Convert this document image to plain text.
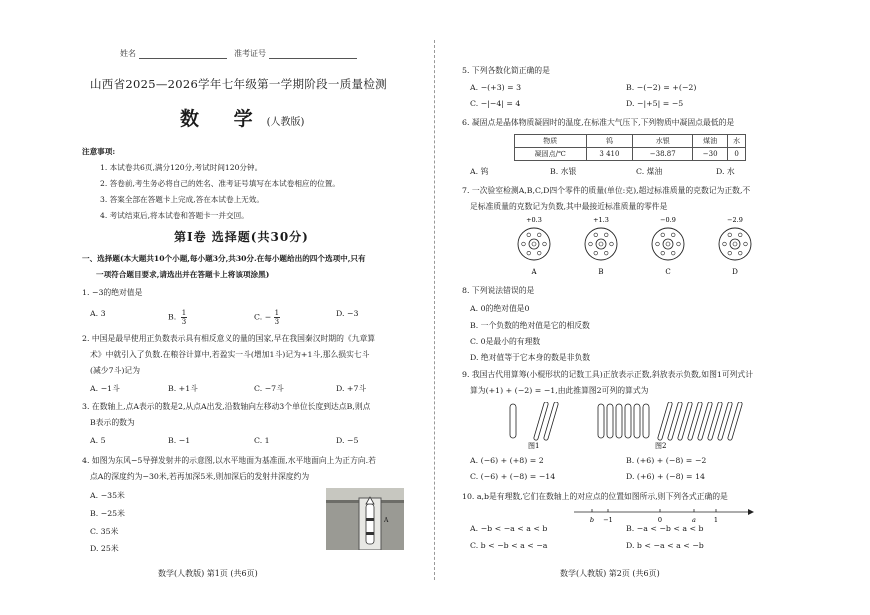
姓名	准考证号
山西省2025—2026学年七年级第一学期阶段一质量检测
数 学(人教版)
注意事项:
1. 本试卷共6页,满分120分,考试时间120分钟。
2. 答卷前,考生务必将自己的姓名、准考证号填写在本试卷相应的位置。
3. 答案全部在答题卡上完成,答在本试卷上无效。
4. 考试结束后,将本试卷和答题卡一并交回。
第Ⅰ卷 选择题(共30分)
一、选择题(本大题共10个小题,每小题3分,共30分.在每小题给出的四个选项中,只有
一项符合题目要求,请选出并在答题卡上将该项涂黑)
1. −3的绝对值是
A. 3	B. $\frac{1}{3}$	C. − $\frac{1}{3}$	D. −3
2. 中国是最早使用正负数表示具有相反意义的量的国家,早在我国秦汉时期的《九章算
术》中就引入了负数.在粮谷计算中,若盈实一斗(增加1斗)记为+1斗,那么损实七斗
(减少7斗)记为
A. −1斗	B. +1斗	C. −7斗	D. +7斗
3. 在数轴上,点A表示的数是2,从点A出发,沿数轴向左移动3个单位长度到达点B,则点
B表示的数为
A. 5	B. −1	C. 1	D. −5
4. 如图为东风−5导弹发射井的示意图,以水平地面为基准面,水平地面向上为正方向.若
点A的深度约为−30米,若再加深5米,则加深后的发射井深度约为
A. −35米
B. −25米
C. 35米
D. 25米
A
数学(人教版) 第1页 (共6页)
5. 下列各数化简正确的是
A. −(+3) = 3	B. −(−2) = +(−2)
C. −|−4| = 4	D. −|+5| = −5
6. 凝固点是晶体物质凝固时的温度,在标准大气压下,下列物质中凝固点最低的是
物质	钨	水银	煤油	水
凝固点/℃	3 410	−38.87	−30	0
A. 钨	B. 水银	C. 煤油	D. 水
7. 一次验室检测A,B,C,D四个零件的质量(单位:克),超过标准质量的克数记为正数,不
足标准质量的克数记为负数,其中最接近标准质量的零件是
+0.3
A
+1.3
B
−0.9
C
−2.9
D
8. 下列说法错误的是
A. 0的绝对值是0
B. 一个负数的绝对值是它的相反数
C. 0是最小的有理数
D. 绝对值等于它本身的数是非负数
9. 我国古代用算筹(小棍形状的记数工具)正放表示正数,斜放表示负数,如图1可列式计
算为(+1) + (−2) = −1,由此推算图2可列的算式为
图1	图2
A. (−6) + (+8) = 2	B. (+6) + (−8) = −2
C. (−6) + (−8) = −14	D. (+6) + (−8) = 14
10. a,b是有理数,它们在数轴上的对应点的位置如图所示,则下列各式正确的是
b −1	0	a	1
A. −b < −a < a < b	B. −a < −b < a < b
C. b < −b < a < −a	D. b < −a < a < −b
数学(人教版) 第2页 (共6页)
